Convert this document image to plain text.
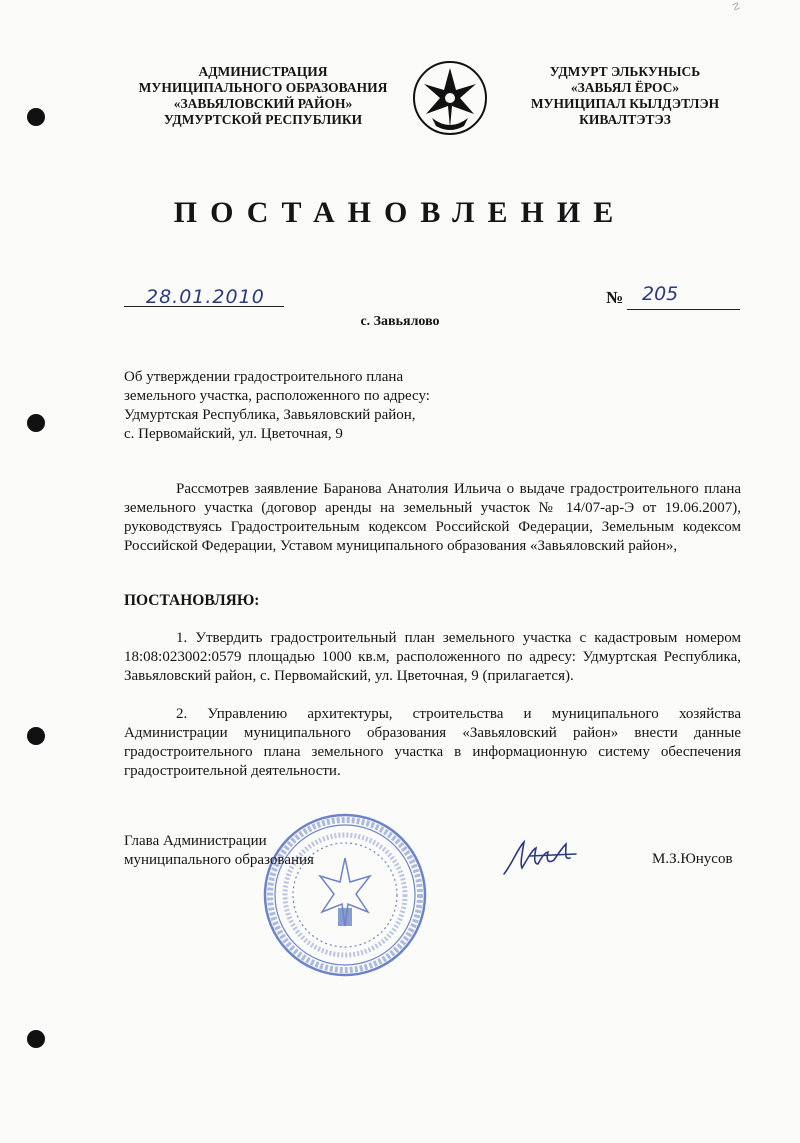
☡
АДМИНИСТРАЦИЯ
МУНИЦИПАЛЬНОГО ОБРАЗОВАНИЯ
«ЗАВЬЯЛОВСКИЙ РАЙОН»
УДМУРТСКОЙ РЕСПУБЛИКИ
УДМУРТ ЭЛЬКУНЫСЬ
«ЗАВЬЯЛ ЁРОС»
МУНИЦИПАЛ КЫЛДЭТЛЭН
КИВАЛТЭТЭЗ
ПОСТАНОВЛЕНИЕ
28.01.2010	№ 205
с. Завьялово
Об утверждении градостроительного плана
земельного участка, расположенного по адресу:
Удмуртская Республика, Завьяловский район,
с. Первомайский, ул. Цветочная, 9
Рассмотрев заявление Баранова Анатолия Ильича о выдаче градостроительного плана земельного участка (договор аренды на земельный участок № 14/07-ар-Э от 19.06.2007), руководствуясь Градостроительным кодексом Российской Федерации, Земельным кодексом Российской Федерации, Уставом муниципального образования «Завьяловский район»,
ПОСТАНОВЛЯЮ:
1. Утвердить градостроительный план земельного участка с кадастровым номером 18:08:023002:0579 площадью 1000 кв.м, расположенного по адресу: Удмуртская Республика, Завьяловский район, с. Первомайский, ул. Цветочная, 9 (прилагается).
2. Управлению архитектуры, строительства и муниципального хозяйства Администрации муниципального образования «Завьяловский район» внести данные градостроительного плана земельного участка в информационную систему обеспечения градостроительной деятельности.
Глава Администрации
муниципального образования	М.З.Юнусов
